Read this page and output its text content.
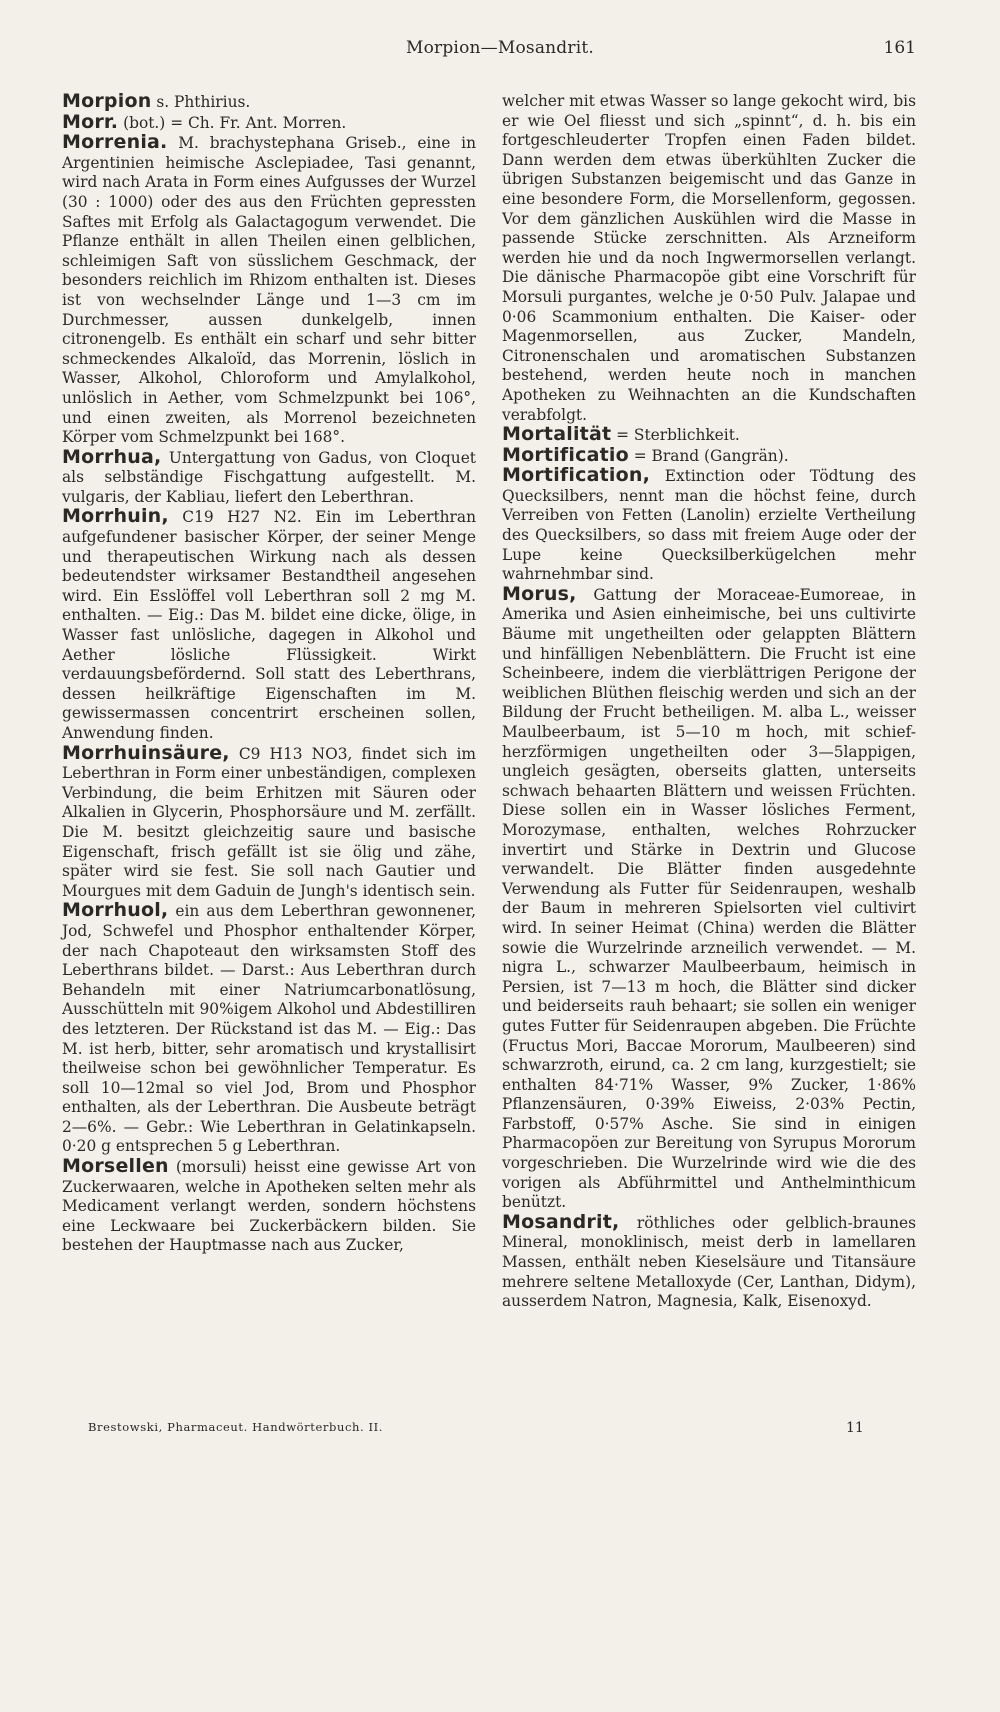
Morpion—Mosandrit.	161

Morpion s. Phthirius.

Morr. (bot.) = Ch. Fr. Ant. Morren.

Morrenia. M. brachystephana Griseb., eine in Argentinien heimische Asclepiadee, Tasi genannt, wird nach Arata in Form eines Aufgusses der Wurzel (30 : 1000) oder des aus den Früchten gepressten Saftes mit Erfolg als Galactagogum verwendet. Die Pflanze enthält in allen Theilen einen gelblichen, schleimigen Saft von süsslichem Geschmack, der besonders reichlich im Rhizom enthalten ist. Dieses ist von wechselnder Länge und 1—3 cm im Durchmesser, aussen dunkelgelb, innen citronengelb. Es enthält ein scharf und sehr bitter schmeckendes Alkaloïd, das Morrenin, löslich in Wasser, Alkohol, Chloroform und Amylalkohol, unlöslich in Aether, vom Schmelzpunkt bei 106°, und einen zweiten, als Morrenol bezeichneten Körper vom Schmelzpunkt bei 168°.

Morrhua, Untergattung von Gadus, von Cloquet als selbständige Fischgattung aufgestellt. M. vulgaris, der Kabliau, liefert den Leberthran.

Morrhuin, C19 H27 N2. Ein im Leberthran aufgefundener basischer Körper, der seiner Menge und therapeutischen Wirkung nach als dessen bedeutendster wirksamer Bestandtheil angesehen wird. Ein Esslöffel voll Leberthran soll 2 mg M. enthalten. — Eig.: Das M. bildet eine dicke, ölige, in Wasser fast unlösliche, dagegen in Alkohol und Aether lösliche Flüssigkeit. Wirkt verdauungsbefördernd. Soll statt des Leberthrans, dessen heilkräftige Eigenschaften im M. gewissermassen concentrirt erscheinen sollen, Anwendung finden.

Morrhuinsäure, C9 H13 NO3, findet sich im Leberthran in Form einer unbeständigen, complexen Verbindung, die beim Erhitzen mit Säuren oder Alkalien in Glycerin, Phosphorsäure und M. zerfällt. Die M. besitzt gleichzeitig saure und basische Eigenschaft, frisch gefällt ist sie ölig und zähe, später wird sie fest. Sie soll nach Gautier und Mourgues mit dem Gaduin de Jungh's identisch sein.

Morrhuol, ein aus dem Leberthran gewonnener, Jod, Schwefel und Phosphor enthaltender Körper, der nach Chapoteaut den wirksamsten Stoff des Leberthrans bildet. — Darst.: Aus Leberthran durch Behandeln mit einer Natriumcarbonatlösung, Ausschütteln mit 90%igem Alkohol und Abdestilliren des letzteren. Der Rückstand ist das M. — Eig.: Das M. ist herb, bitter, sehr aromatisch und krystallisirt theilweise schon bei gewöhnlicher Temperatur. Es soll 10—12mal so viel Jod, Brom und Phosphor enthalten, als der Leberthran. Die Ausbeute beträgt 2—6%. — Gebr.: Wie Leberthran in Gelatinkapseln. 0·20 g entsprechen 5 g Leberthran.

Morsellen (morsuli) heisst eine gewisse Art von Zuckerwaaren, welche in Apotheken selten mehr als Medicament verlangt werden, sondern höchstens eine Leckwaare bei Zuckerbäckern bilden. Sie bestehen der Hauptmasse nach aus Zucker,

welcher mit etwas Wasser so lange gekocht wird, bis er wie Oel fliesst und sich „spinnt“, d. h. bis ein fortgeschleuderter Tropfen einen Faden bildet. Dann werden dem etwas überkühlten Zucker die übrigen Substanzen beigemischt und das Ganze in eine besondere Form, die Morsellenform, gegossen. Vor dem gänzlichen Auskühlen wird die Masse in passende Stücke zerschnitten. Als Arzneiform werden hie und da noch Ingwermorsellen verlangt. Die dänische Pharmacopöe gibt eine Vorschrift für Morsuli purgantes, welche je 0·50 Pulv. Jalapae und 0·06 Scammonium enthalten. Die Kaiser- oder Magenmorsellen, aus Zucker, Mandeln, Citronenschalen und aromatischen Substanzen bestehend, werden heute noch in manchen Apotheken zu Weihnachten an die Kundschaften verabfolgt.

Mortalität = Sterblichkeit.

Mortificatio = Brand (Gangrän).

Mortification, Extinction oder Tödtung des Quecksilbers, nennt man die höchst feine, durch Verreiben von Fetten (Lanolin) erzielte Vertheilung des Quecksilbers, so dass mit freiem Auge oder der Lupe keine Quecksilberkügelchen mehr wahrnehmbar sind.

Morus, Gattung der Moraceae-Eumoreae, in Amerika und Asien einheimische, bei uns cultivirte Bäume mit ungetheilten oder gelappten Blättern und hinfälligen Nebenblättern. Die Frucht ist eine Scheinbeere, indem die vierblättrigen Perigone der weiblichen Blüthen fleischig werden und sich an der Bildung der Frucht betheiligen. M. alba L., weisser Maulbeerbaum, ist 5—10 m hoch, mit schief-herzförmigen ungetheilten oder 3—5lappigen, ungleich gesägten, oberseits glatten, unterseits schwach behaarten Blättern und weissen Früchten. Diese sollen ein in Wasser lösliches Ferment, Morozymase, enthalten, welches Rohrzucker invertirt und Stärke in Dextrin und Glucose verwandelt. Die Blätter finden ausgedehnte Verwendung als Futter für Seidenraupen, weshalb der Baum in mehreren Spielsorten viel cultivirt wird. In seiner Heimat (China) werden die Blätter sowie die Wurzelrinde arzneilich verwendet. — M. nigra L., schwarzer Maulbeerbaum, heimisch in Persien, ist 7—13 m hoch, die Blätter sind dicker und beiderseits rauh behaart; sie sollen ein weniger gutes Futter für Seidenraupen abgeben. Die Früchte (Fructus Mori, Baccae Mororum, Maulbeeren) sind schwarzroth, eirund, ca. 2 cm lang, kurzgestielt; sie enthalten 84·71% Wasser, 9% Zucker, 1·86% Pflanzensäuren, 0·39% Eiweiss, 2·03% Pectin, Farbstoff, 0·57% Asche. Sie sind in einigen Pharmacopöen zur Bereitung von Syrupus Mororum vorgeschrieben. Die Wurzelrinde wird wie die des vorigen als Abführmittel und Anthelminthicum benützt.

Mosandrit, röthliches oder gelblich-braunes Mineral, monoklinisch, meist derb in lamellaren Massen, enthält neben Kieselsäure und Titansäure mehrere seltene Metalloxyde (Cer, Lanthan, Didym), ausserdem Natron, Magnesia, Kalk, Eisenoxyd.

Brestowski, Pharmaceut. Handwörterbuch. II.	11
